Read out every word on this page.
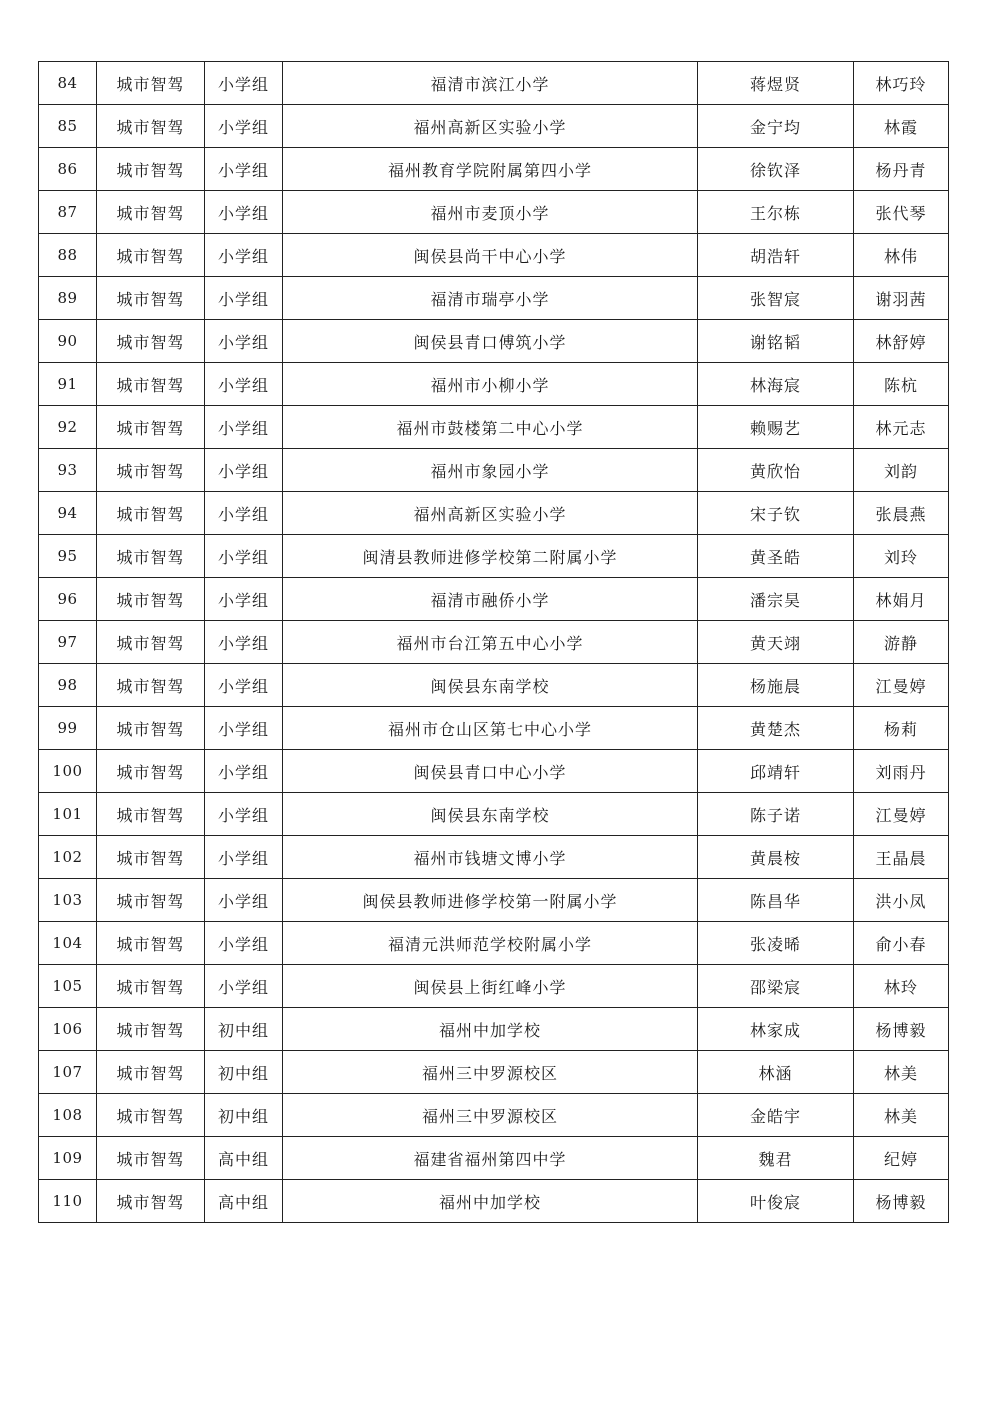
84	城市智驾	小学组	福清市滨江小学	蒋煜贤	林巧玲
85	城市智驾	小学组	福州高新区实验小学	金宁均	林霞
86	城市智驾	小学组	福州教育学院附属第四小学	徐钦泽	杨丹青
87	城市智驾	小学组	福州市麦顶小学	王尔栋	张代琴
88	城市智驾	小学组	闽侯县尚干中心小学	胡浩轩	林伟
89	城市智驾	小学组	福清市瑞亭小学	张智宸	谢羽茜
90	城市智驾	小学组	闽侯县青口傅筑小学	谢铭韬	林舒婷
91	城市智驾	小学组	福州市小柳小学	林海宸	陈杭
92	城市智驾	小学组	福州市鼓楼第二中心小学	赖赐艺	林元志
93	城市智驾	小学组	福州市象园小学	黄欣怡	刘韵
94	城市智驾	小学组	福州高新区实验小学	宋子钦	张晨燕
95	城市智驾	小学组	闽清县教师进修学校第二附属小学	黄圣皓	刘玲
96	城市智驾	小学组	福清市融侨小学	潘宗昊	林娟月
97	城市智驾	小学组	福州市台江第五中心小学	黄天翊	游静
98	城市智驾	小学组	闽侯县东南学校	杨施晨	江曼婷
99	城市智驾	小学组	福州市仓山区第七中心小学	黄楚杰	杨莉
100	城市智驾	小学组	闽侯县青口中心小学	邱靖轩	刘雨丹
101	城市智驾	小学组	闽侯县东南学校	陈子诺	江曼婷
102	城市智驾	小学组	福州市钱塘文博小学	黄晨桉	王晶晨
103	城市智驾	小学组	闽侯县教师进修学校第一附属小学	陈昌华	洪小凤
104	城市智驾	小学组	福清元洪师范学校附属小学	张凌晞	俞小春
105	城市智驾	小学组	闽侯县上街红峰小学	邵梁宸	林玲
106	城市智驾	初中组	福州中加学校	林家成	杨博毅
107	城市智驾	初中组	福州三中罗源校区	林涵	林美
108	城市智驾	初中组	福州三中罗源校区	金皓宇	林美
109	城市智驾	高中组	福建省福州第四中学	魏君	纪婷
110	城市智驾	高中组	福州中加学校	叶俊宸	杨博毅
